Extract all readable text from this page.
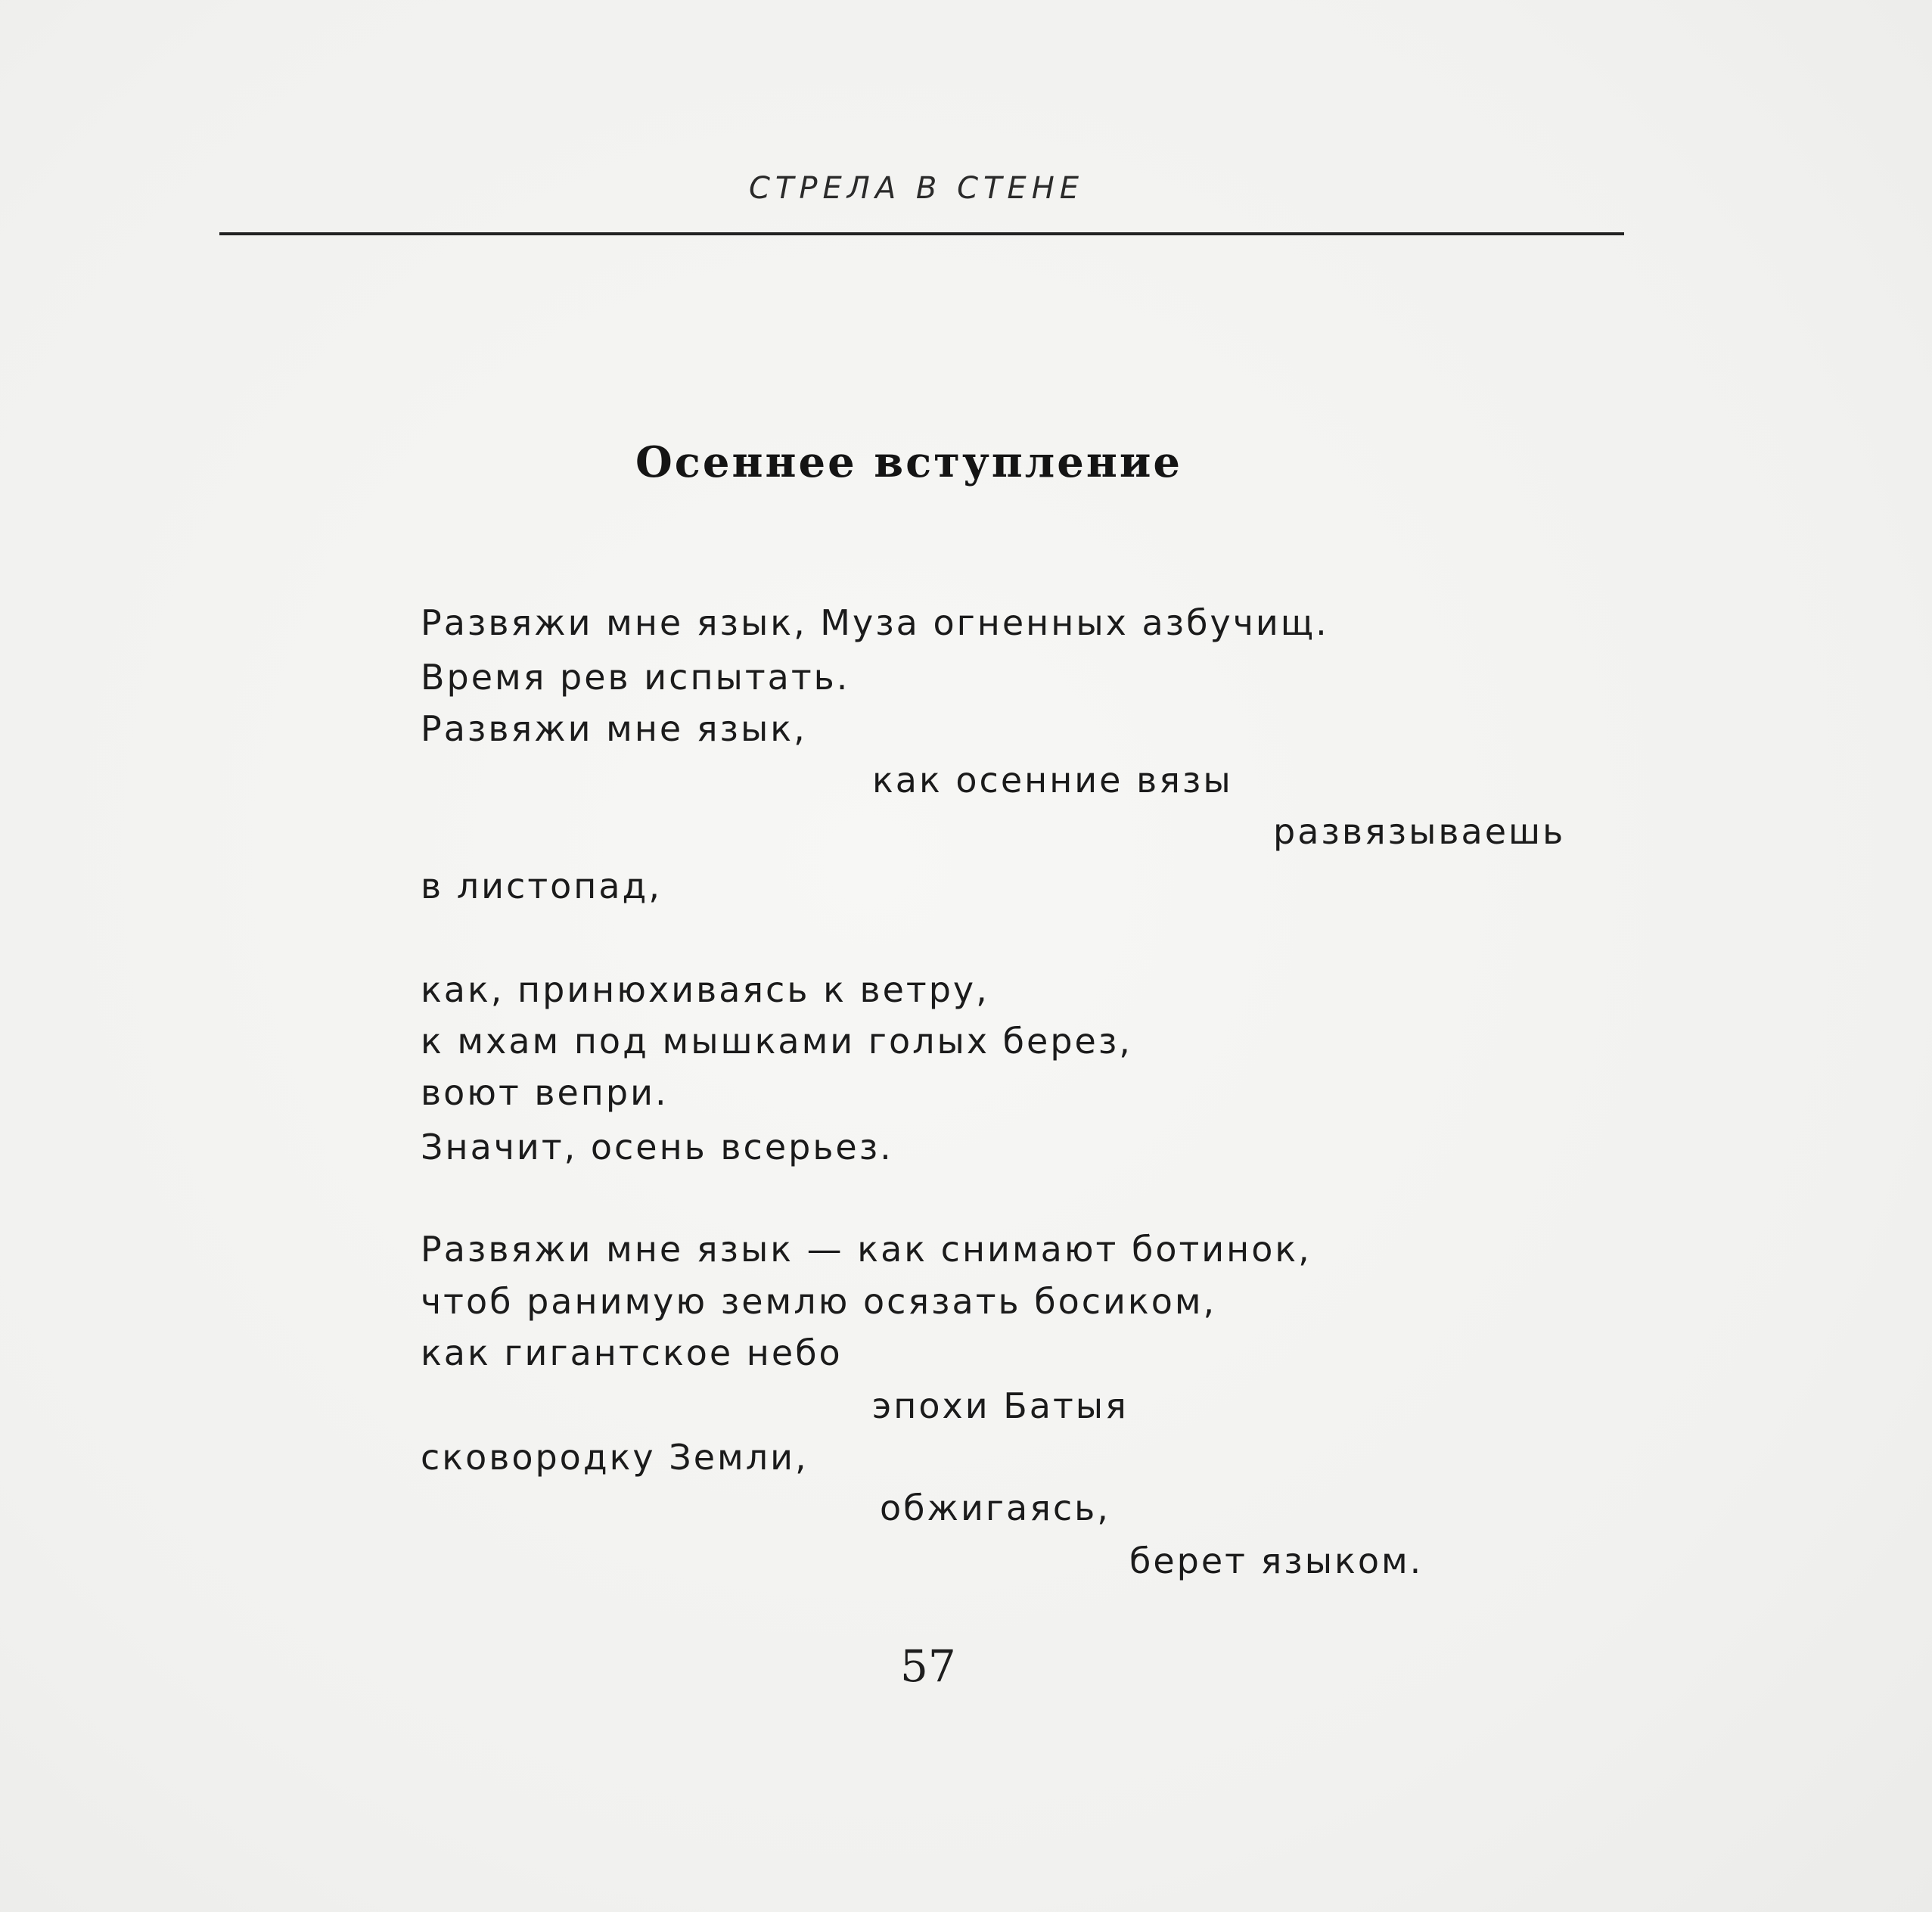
СТРЕЛА В СТЕНЕ
Осеннее вступление
Развяжи мне язык, Муза огненных азбучищ.
Время рев испытать.
Развяжи мне язык,
как осенние вязы
развязываешь
в листопад,
как, принюхиваясь к ветру,
к мхам под мышками голых берез,
воют вепри.
Значит, осень всерьез.
Развяжи мне язык — как снимают ботинок,
чтоб ранимую землю осязать босиком,
как гигантское небо
эпохи Батыя
сковородку Земли,
обжигаясь,
берет языком.
57
